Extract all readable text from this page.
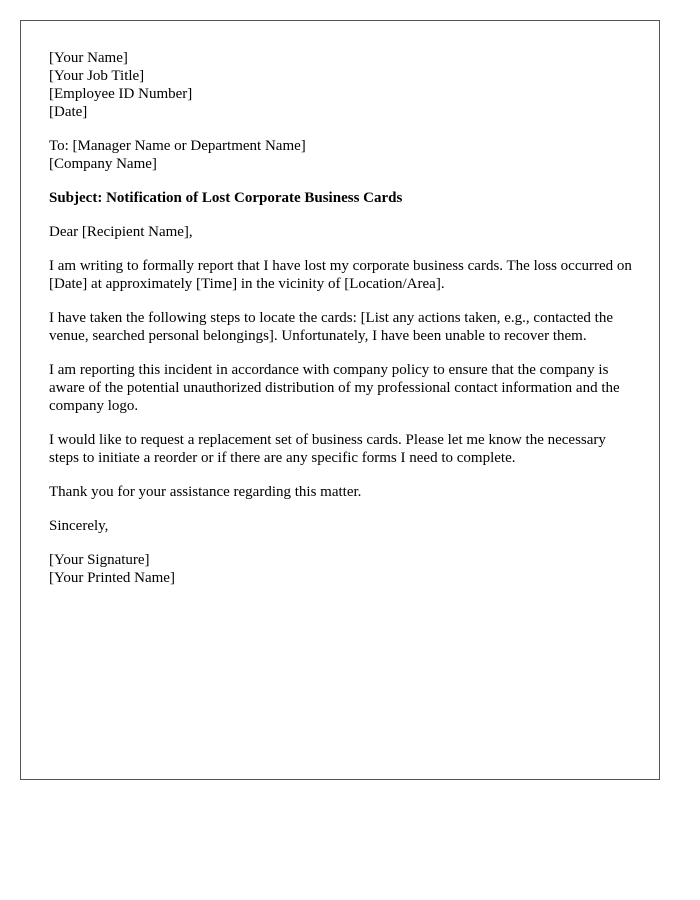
[Your Name]
[Your Job Title]
[Employee ID Number]
[Date]
To: [Manager Name or Department Name]
[Company Name]

Subject: Notification of Lost Corporate Business Cards

Dear [Recipient Name],

I am writing to formally report that I have lost my corporate business cards. The loss occurred on [Date] at approximately [Time] in the vicinity of [Location/Area].

I have taken the following steps to locate the cards: [List any actions taken, e.g., contacted the venue, searched personal belongings]. Unfortunately, I have been unable to recover them.

I am reporting this incident in accordance with company policy to ensure that the company is aware of the potential unauthorized distribution of my professional contact information and the company logo.

I would like to request a replacement set of business cards. Please let me know the necessary steps to initiate a reorder or if there are any specific forms I need to complete.

Thank you for your assistance regarding this matter.

Sincerely,

[Your Signature]
[Your Printed Name]
